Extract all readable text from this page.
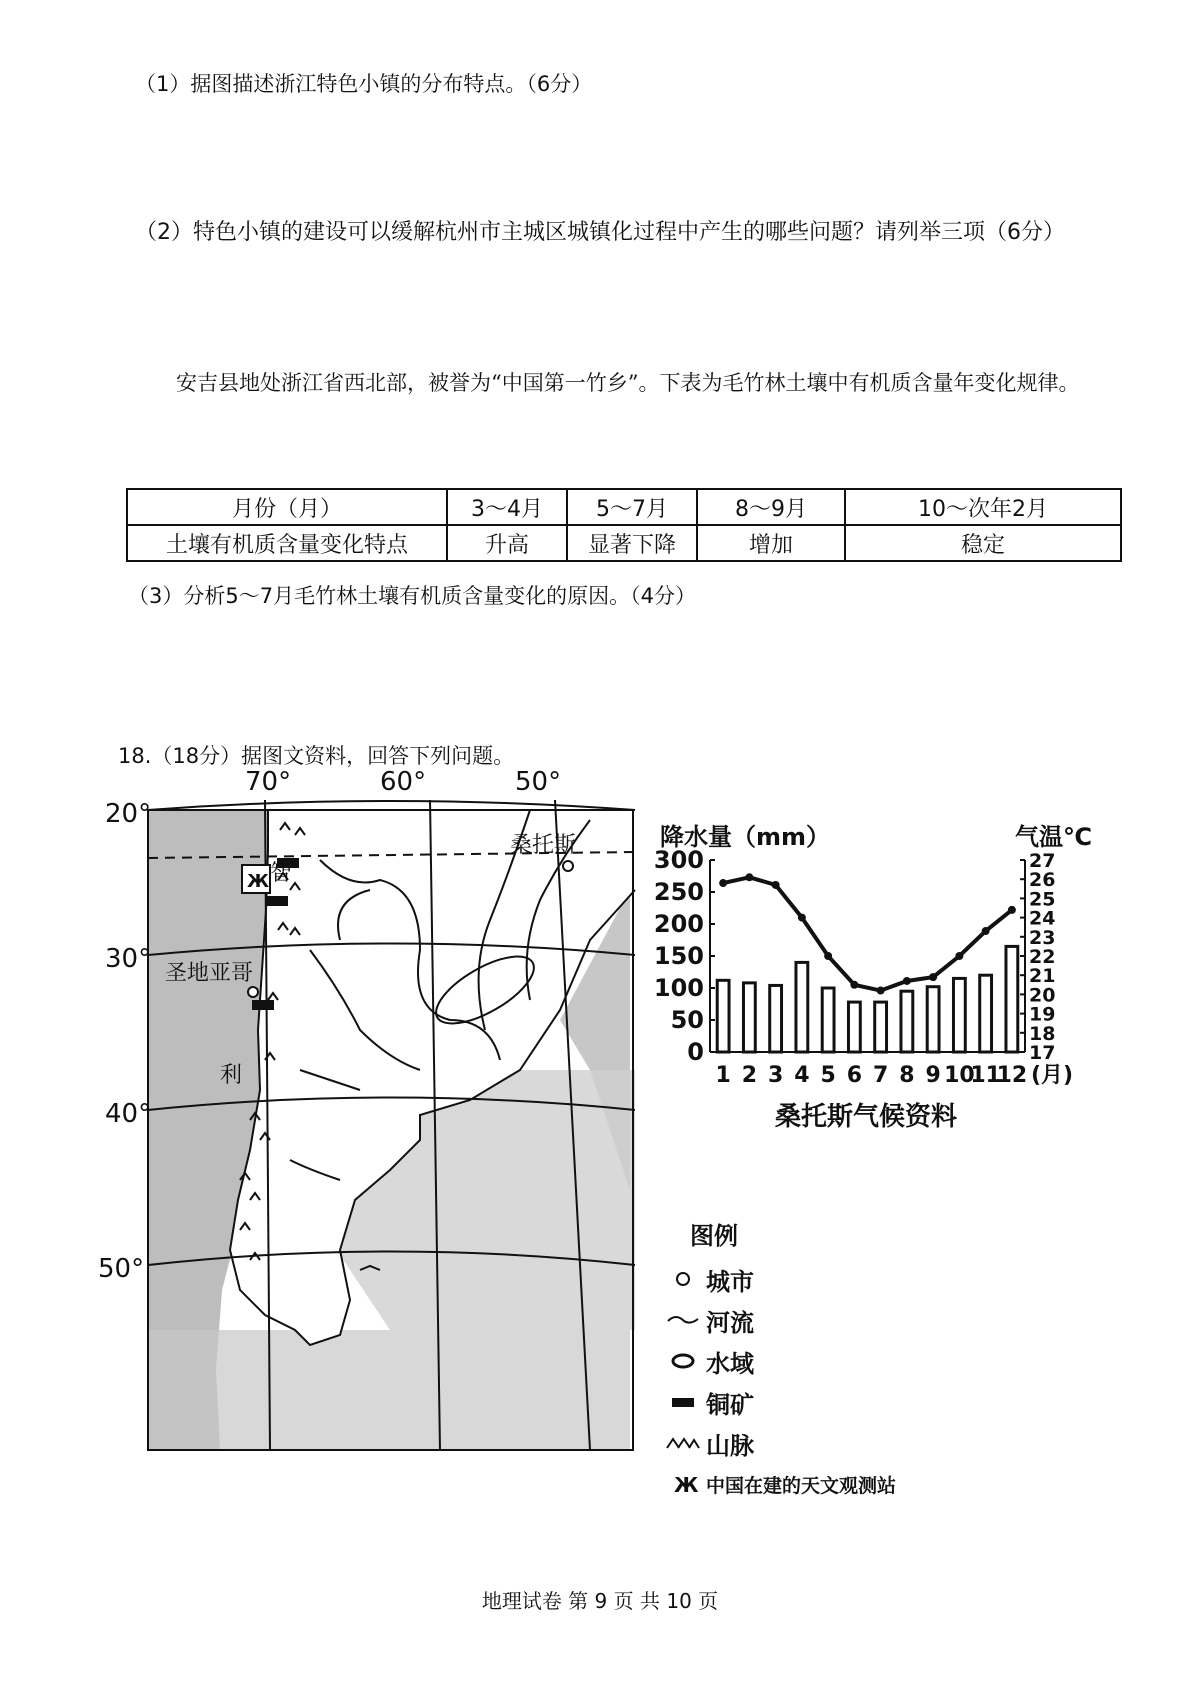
（1）据图描述浙江特色小镇的分布特点。（6分）
（2）特色小镇的建设可以缓解杭州市主城区城镇化过程中产生的哪些问题？请列举三项（6分）
安吉县地处浙江省西北部，被誉为“中国第一竹乡”。下表为毛竹林土壤中有机质含量年变化规律。
月份（月）	3～4月	5～7月	8～9月	10～次年2月
土壤有机质含量变化特点	升高	显著下降	增加	稳定
（3）分析5～7月毛竹林土壤有机质含量变化的原因。（4分）
18.（18分）据图文资料，回答下列问题。
Ж
70°	60°	50°
20°
30°
40°
50°
桑托斯
智
利
圣地亚哥
降水量（mm）	气温℃
300
250
200
150
100
50
0
27
26
25
24
23
22
21
20
19
18
17
1 2 3 4 5 6 7 8 9 10
11
12 (月)
桑托斯气候资料
图例
城市
河流
水域
铜矿
山脉
Ж 中国在建的天文观测站
地理试卷 第 9 页 共 10 页
